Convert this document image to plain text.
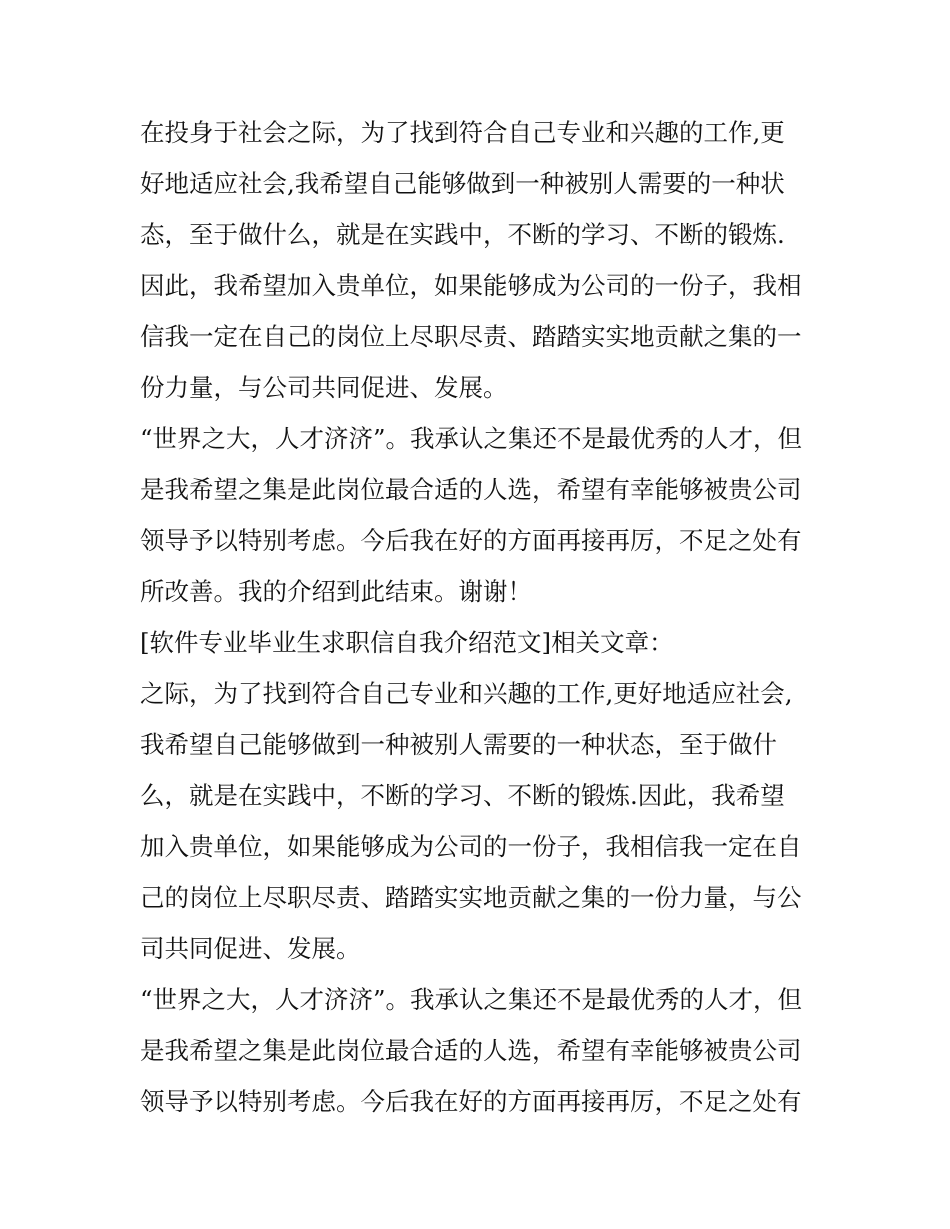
在投身于社会之际，为了找到符合自己专业和兴趣的工作,更

好地适应社会,我希望自己能够做到一种被别人需要的一种状

态，至于做什么，就是在实践中，不断的学习、不断的锻炼.

因此，我希望加入贵单位，如果能够成为公司的一份子，我相

信我一定在自己的岗位上尽职尽责、踏踏实实地贡献之集的一

份力量，与公司共同促进、发展。

“世界之大，人才济济”。我承认之集还不是最优秀的人才，但

是我希望之集是此岗位最合适的人选，希望有幸能够被贵公司

领导予以特别考虑。今后我在好的方面再接再厉，不足之处有

所改善。我的介绍到此结束。谢谢！

[软件专业毕业生求职信自我介绍范文]相关文章：

之际，为了找到符合自己专业和兴趣的工作,更好地适应社会,

我希望自己能够做到一种被别人需要的一种状态，至于做什

么，就是在实践中，不断的学习、不断的锻炼.因此，我希望

加入贵单位，如果能够成为公司的一份子，我相信我一定在自

己的岗位上尽职尽责、踏踏实实地贡献之集的一份力量，与公

司共同促进、发展。

“世界之大，人才济济”。我承认之集还不是最优秀的人才，但

是我希望之集是此岗位最合适的人选，希望有幸能够被贵公司

领导予以特别考虑。今后我在好的方面再接再厉，不足之处有
